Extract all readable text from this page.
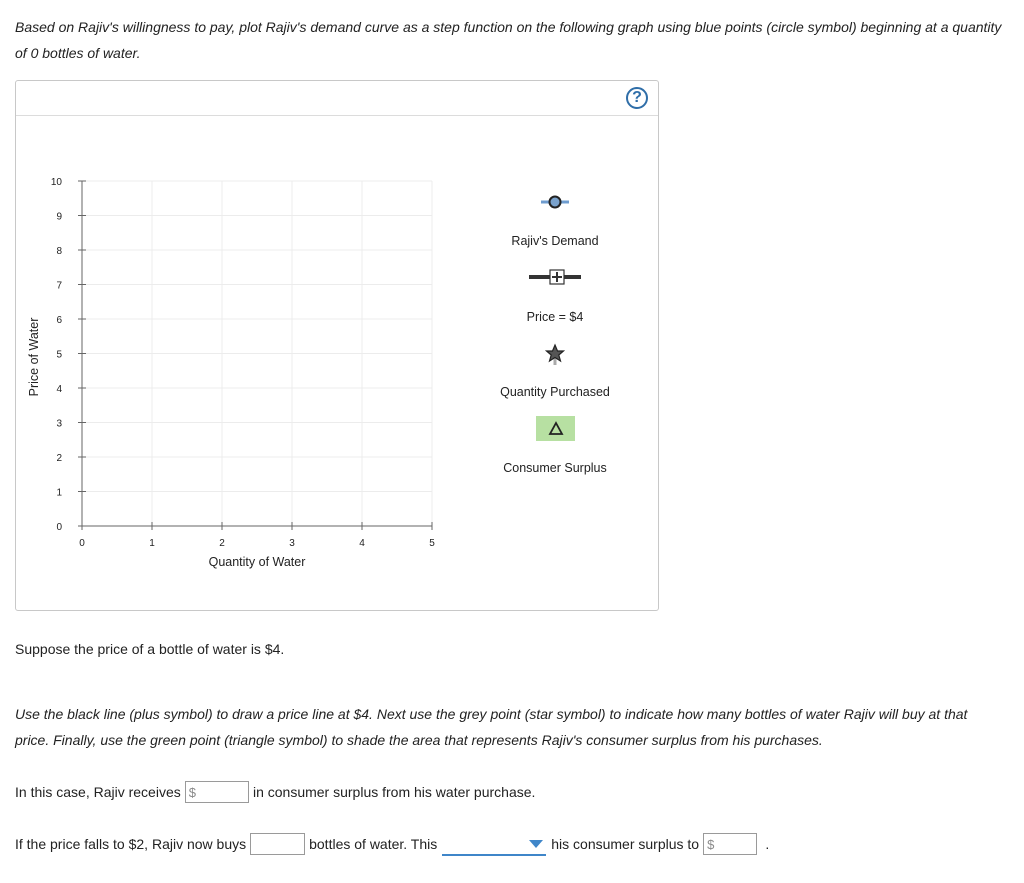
Based on Rajiv's willingness to pay, plot Rajiv's demand curve as a step function on the following graph using blue points (circle symbol) beginning at a quantity of 0 bottles of water.
?
0	1	2	3	4	5
0
1
2
3
4
5
6
7
8
9
10
Quantity of Water
Price of Water
Rajiv's Demand
Price = $4
Quantity Purchased
Consumer Surplus
Suppose the price of a bottle of water is $4.
Use the black line (plus symbol) to draw a price line at $4. Next use the grey point (star symbol) to indicate how many bottles of water Rajiv will buy at that price. Finally, use the green point (triangle symbol) to shade the area that represents Rajiv's consumer surplus from his purchases.
In this case, Rajiv receives $	in consumer surplus from his water purchase.
If the price falls to $2, Rajiv now buys	bottles of water. This	his consumer surplus to $	.
